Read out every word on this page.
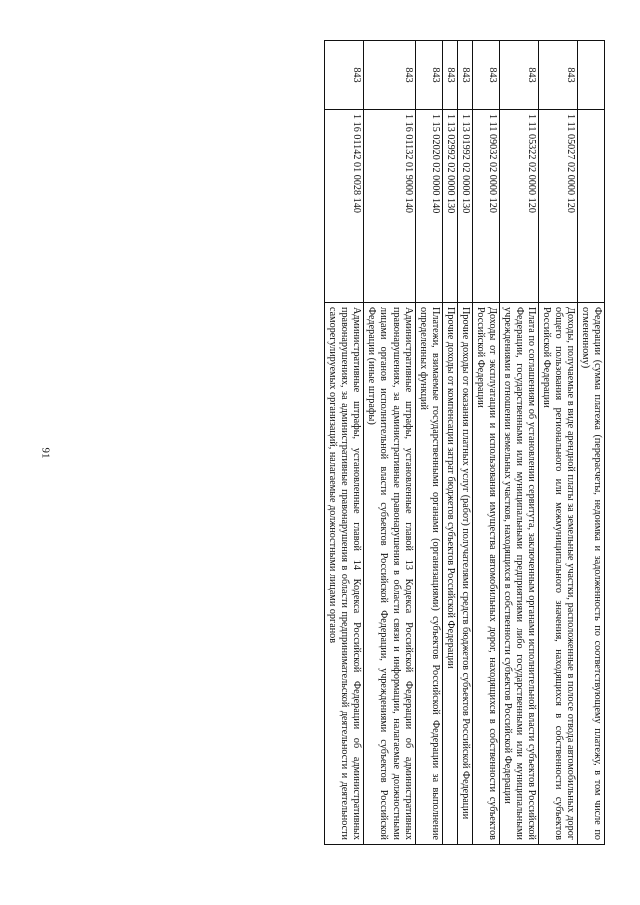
91
			Федерации (сумма платежа (перерасчеты, недоимка и задолженность по соответствующему платежу, в том числе по отмененному)
843	1 11 05027 02 0000 120	Доходы, получаемые в виде арендной платы за земельные участки, расположенные в полосе отвода автомобильных дорог общего пользования регионального или межмуниципального значения, находящихся в собственности субъектов Российской Федерации
843	1 11 05322 02 0000 120	Плата по соглашениям об установлении сервитута, заключенным органами исполнительной власти субъектов Российской Федерации, государственными или муниципальными предприятиями либо государственными или муниципальными учреждениями в отношении земельных участков, находящихся в собственности субъектов Российской Федерации
843	1 11 09032 02 0000 120	Доходы от эксплуатации и использования имущества автомобильных дорог, находящихся в собственности субъектов Российской Федерации
843	1 13 01992 02 0000 130	Прочие доходы от оказания платных услуг (работ) получателями средств бюджетов субъектов Российской Федерации
843	1 13 02992 02 0000 130	Прочие доходы от компенсации затрат бюджетов субъектов Российской Федерации
843	1 15 02020 02 0000 140	Платежи, взимаемые государственными органами (организациями) субъектов Российской Федерации за выполнение определенных функций
843	1 16 01132 01 9000 140	Административные штрафы, установленные главой 13 Кодекса Российской Федерации об административных правонарушениях, за административные правонарушения в области связи и информации, налагаемые должностными лицами органов исполнительной власти субъектов Российской Федерации, учреждениями субъектов Российской Федерации (иные штрафы)
843	1 16 01142 01 0028 140	Административные штрафы, установленные главой 14 Кодекса Российской Федерации об административных правонарушениях, за административные правонарушения в области предпринимательской деятельности и деятельности саморегулируемых организаций, налагаемые должностными лицами органов
